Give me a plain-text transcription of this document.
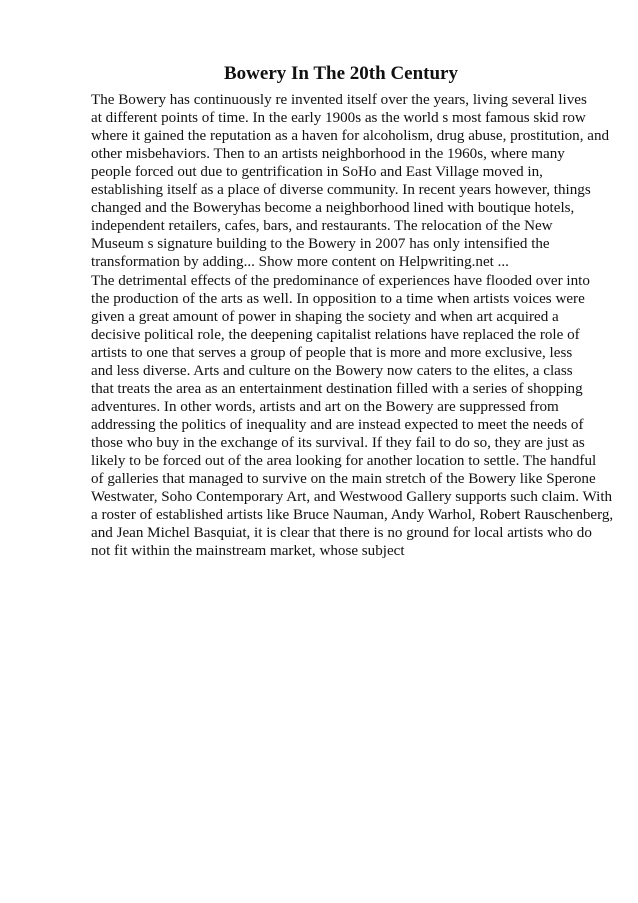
Bowery In The 20th Century

The Bowery has continuously re invented itself over the years, living several lives

at different points of time. In the early 1900s as the world s most famous skid row

where it gained the reputation as a haven for alcoholism, drug abuse, prostitution, and

other misbehaviors. Then to an artists neighborhood in the 1960s, where many

people forced out due to gentrification in SoHo and East Village moved in,

establishing itself as a place of diverse community. In recent years however, things

changed and the Boweryhas become a neighborhood lined with boutique hotels,

independent retailers, cafes, bars, and restaurants. The relocation of the New

Museum s signature building to the Bowery in 2007 has only intensified the

transformation by adding... Show more content on Helpwriting.net ...

The detrimental effects of the predominance of experiences have flooded over into

the production of the arts as well. In opposition to a time when artists voices were

given a great amount of power in shaping the society and when art acquired a

decisive political role, the deepening capitalist relations have replaced the role of

artists to one that serves a group of people that is more and more exclusive, less

and less diverse. Arts and culture on the Bowery now caters to the elites, a class

that treats the area as an entertainment destination filled with a series of shopping

adventures. In other words, artists and art on the Bowery are suppressed from

addressing the politics of inequality and are instead expected to meet the needs of

those who buy in the exchange of its survival. If they fail to do so, they are just as

likely to be forced out of the area looking for another location to settle. The handful

of galleries that managed to survive on the main stretch of the Bowery like Sperone

Westwater, Soho Contemporary Art, and Westwood Gallery supports such claim. With

a roster of established artists like Bruce Nauman, Andy Warhol, Robert Rauschenberg,

and Jean Michel Basquiat, it is clear that there is no ground for local artists who do

not fit within the mainstream market, whose subject
